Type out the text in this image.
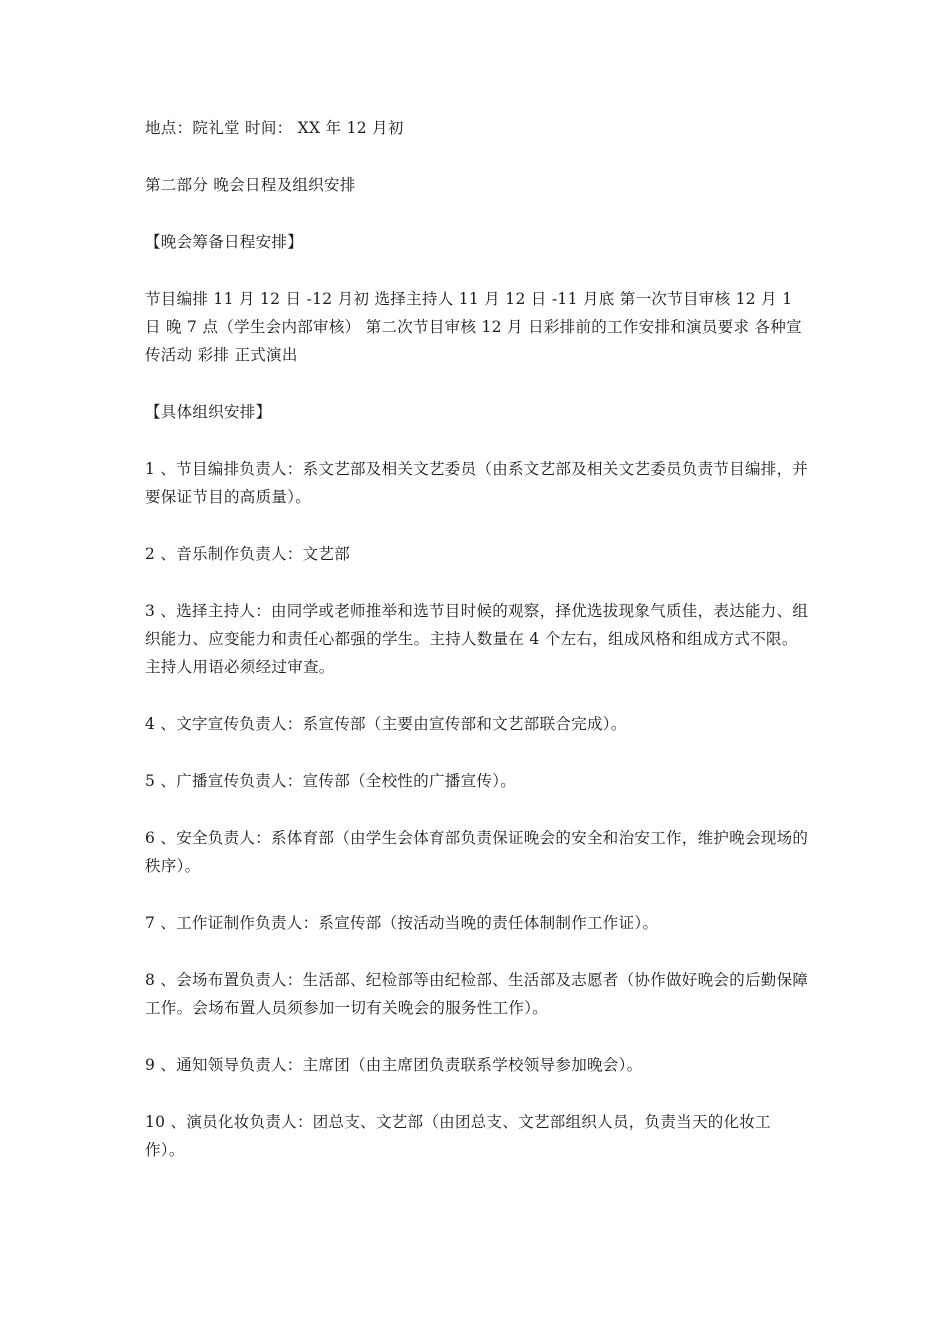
地点：院礼堂 时间： XX 年 12 月初

第二部分 晚会日程及组织安排

【晚会筹备日程安排】

节目编排 11 月 12 日 -12 月初 选择主持人 11 月 12 日 -11 月底 第一次节目审核 12 月 1 日 晚 7 点（学生会内部审核） 第二次节目审核 12 月 日彩排前的工作安排和演员要求 各种宣传活动 彩排 正式演出

【具体组织安排】

1 、节目编排负责人：系文艺部及相关文艺委员（由系文艺部及相关文艺委员负责节目编排，并要保证节目的高质量）。

2 、音乐制作负责人：文艺部

3 、选择主持人：由同学或老师推举和选节目时候的观察，择优选拔现象气质佳，表达能力、组织能力、应变能力和责任心都强的学生。主持人数量在 4 个左右，组成风格和组成方式不限。主持人用语必须经过审查。

4 、文字宣传负责人：系宣传部（主要由宣传部和文艺部联合完成）。

5 、广播宣传负责人：宣传部（全校性的广播宣传）。

6 、安全负责人：系体育部（由学生会体育部负责保证晚会的安全和治安工作，维护晚会现场的秩序）。

7 、工作证制作负责人：系宣传部（按活动当晚的责任体制制作工作证）。

8 、会场布置负责人：生活部、纪检部等由纪检部、生活部及志愿者（协作做好晚会的后勤保障工作。会场布置人员须参加一切有关晚会的服务性工作）。

9 、通知领导负责人：主席团（由主席团负责联系学校领导参加晚会）。

10 、演员化妆负责人：团总支、文艺部（由团总支、文艺部组织人员，负责当天的化妆工作）。
